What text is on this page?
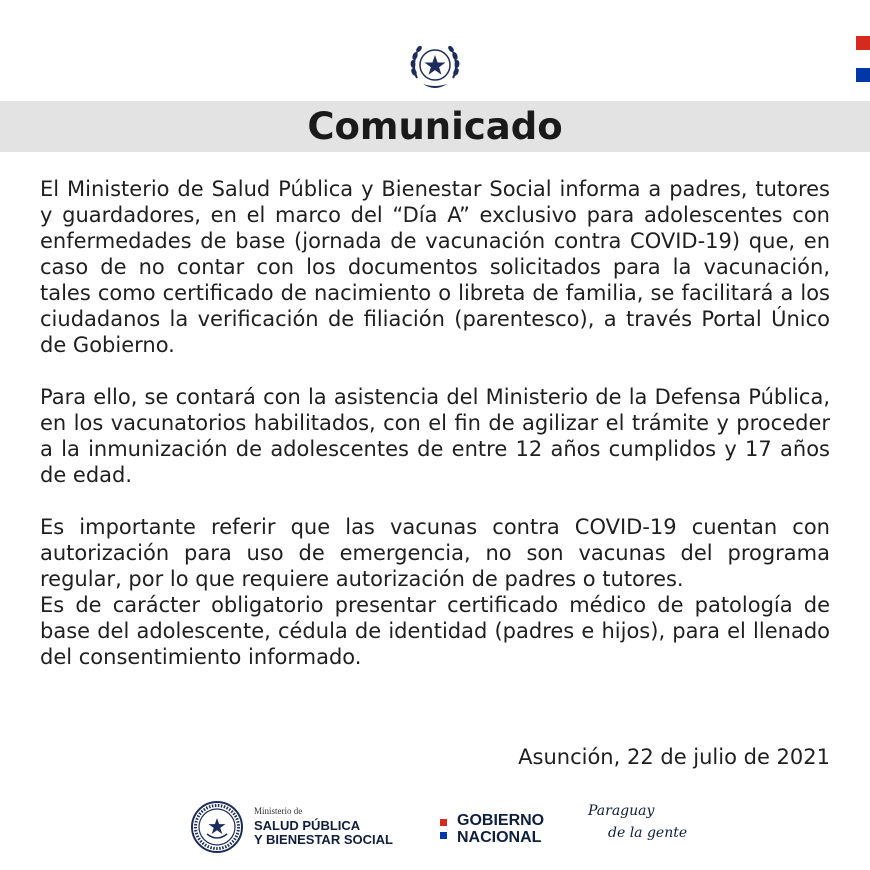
Comunicado

El Ministerio de Salud Pública y Bienestar Social informa a padres, tutores y guardadores, en el marco del “Día A” exclusivo para adolescentes con enfermedades de base (jornada de vacunación contra COVID-19) que, en caso de no contar con los documentos solicitados para la vacunación, tales como certificado de nacimiento o libreta de familia, se facilitará a los ciudadanos la verificación de filiación (parentesco), a través Portal Único de Gobierno.

Para ello, se contará con la asistencia del Ministerio de la Defensa Pública, en los vacunatorios habilitados, con el fin de agilizar el trámite y proceder a la inmunización de adolescentes de entre 12 años cumplidos y 17 años de edad.

Es importante referir que las vacunas contra COVID-19 cuentan con autorización para uso de emergencia, no son vacunas del programa regular, por lo que requiere autorización de padres o tutores.

Es de carácter obligatorio presentar certificado médico de patología de base del adolescente, cédula de identidad (padres e hijos), para el llenado del consentimiento informado.

Asunción, 22 de julio de 2021
Ministerio de
SALUD PÚBLICA
Y BIENESTAR SOCIAL
GOBIERNO
NACIONAL
Paraguay
de la gente
